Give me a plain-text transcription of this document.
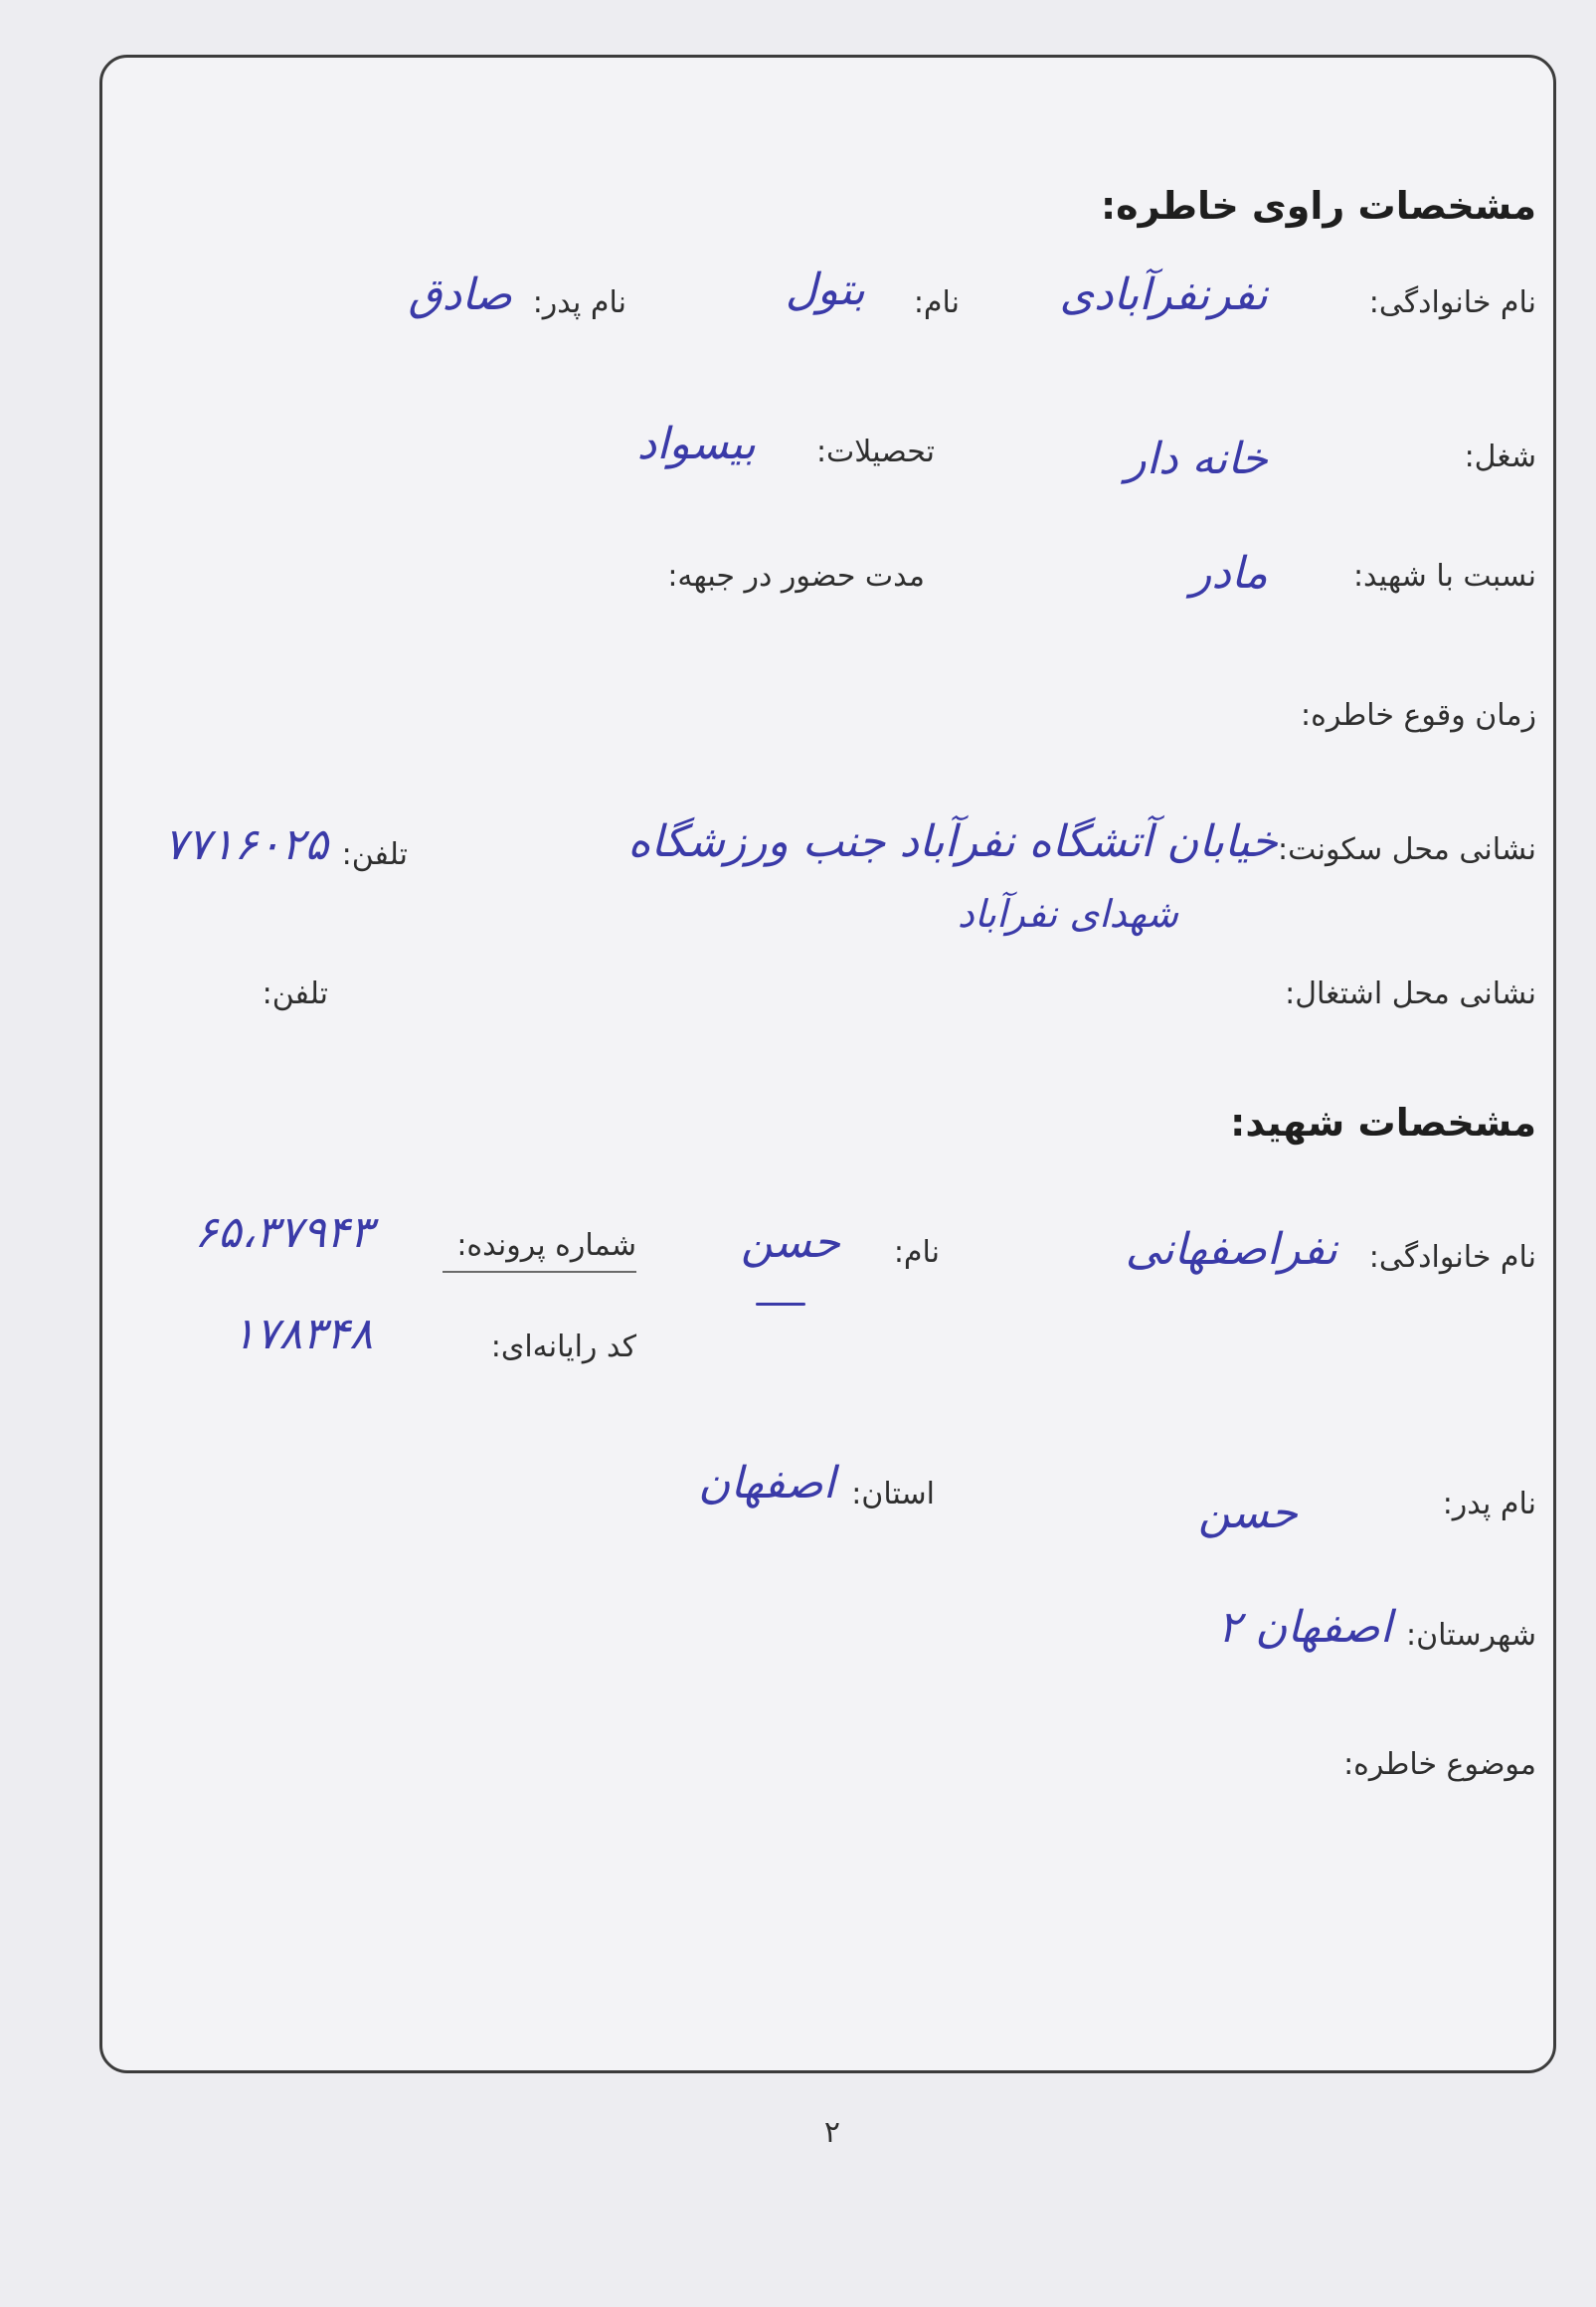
مشخصات راوی خاطره:
نام خانوادگی:
نفرنفرآبادی
نام:
بتول
نام پدر:
صادق
شغل:
خانه دار
تحصیلات:
بیسواد
نسبت با شهید:
مادر
مدت حضور در جبهه:
زمان وقوع خاطره:
نشانی محل سکونت:
خیابان آتشگاه نفرآباد جنب ورزشگاه
شهدای نفرآباد
تلفن:
۷۷۱۶۰۲۵
نشانی محل اشتغال:
تلفن:
مشخصات شهید:
نام خانوادگی:
نفراصفهانی
نام:
حسن
شماره پرونده:
۶۵،۳۷۹۴۳
کد رایانه‌ای:
۱۷۸۳۴۸
نام پدر:
حسن
استان:
اصفهان
شهرستان:
اصفهان ۲
موضوع خاطره:
۲
